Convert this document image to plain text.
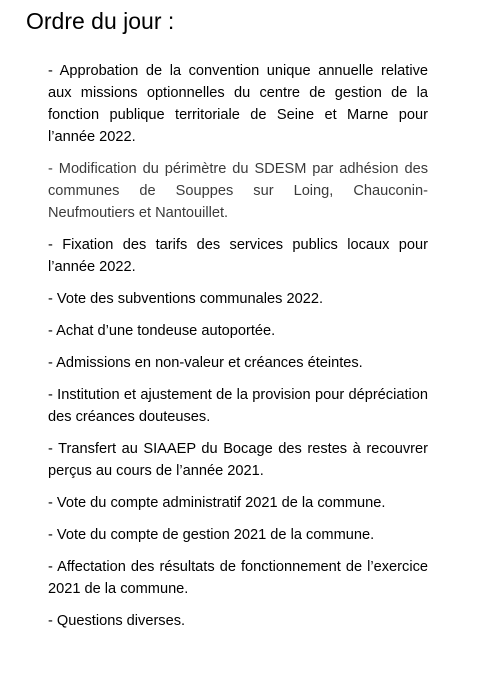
Ordre du jour :

- Approbation de la convention unique annuelle relative aux missions optionnelles du centre de gestion de la fonction publique territoriale de Seine et Marne pour l’année 2022.

- Modification du périmètre du SDESM par adhésion des communes de Souppes sur Loing, Chauconin-Neufmoutiers et Nantouillet.

- Fixation des tarifs des services publics locaux pour l’année 2022.

- Vote des subventions communales 2022.

- Achat d’une tondeuse autoportée.

- Admissions en non-valeur et créances éteintes.

- Institution et ajustement de la provision pour dépréciation des créances douteuses.

- Transfert au SIAAEP du Bocage des restes à recouvrer perçus au cours de l’année 2021.

- Vote du compte administratif 2021 de la commune.

- Vote du compte de gestion 2021 de la commune.

- Affectation des résultats de fonctionnement de l’exercice 2021 de la commune.

- Questions diverses.
